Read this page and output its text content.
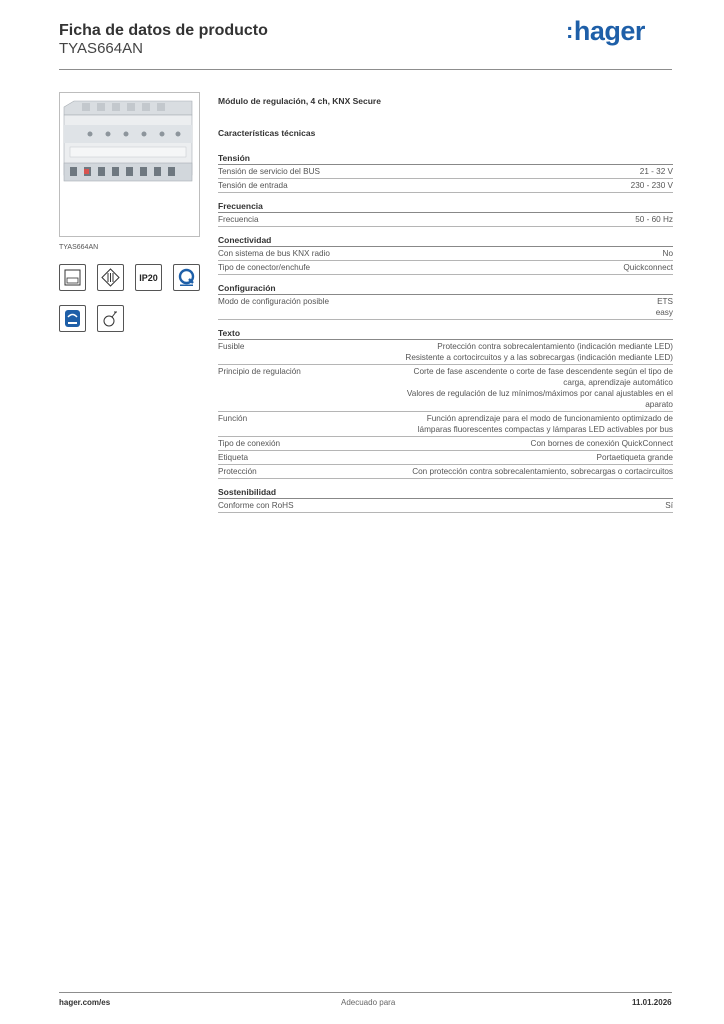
Ficha de datos de producto
TYAS664AN
:hager
TYAS664AN
IP20
Módulo de regulación, 4 ch, KNX Secure
Características técnicas
Tensión
Tensión de servicio del BUS	21 - 32 V
Tensión de entrada	230 - 230 V
Frecuencia
Frecuencia	50 - 60 Hz
Conectividad
Con sistema de bus KNX radio	No
Tipo de conector/enchufe	Quickconnect
Configuración
Modo de configuración posible	ETS
easy
Texto
Fusible	Protección contra sobrecalentamiento (indicación mediante LED)
Resistente a cortocircuitos y a las sobrecargas (indicación mediante LED)
Principio de regulación	Corte de fase ascendente o corte de fase descendente según el tipo de
carga, aprendizaje automático
Valores de regulación de luz mínimos/máximos por canal ajustables en el
aparato
Función	Función aprendizaje para el modo de funcionamiento optimizado de
lámparas fluorescentes compactas y lámparas LED activables por bus
Tipo de conexión	Con bornes de conexión QuickConnect
Etiqueta	Portaetiqueta grande
Protección	Con protección contra sobrecalentamiento, sobrecargas o cortacircuitos
Sostenibilidad
Conforme con RoHS	Sí
hager.com/es	Adecuado para	11.01.2026
